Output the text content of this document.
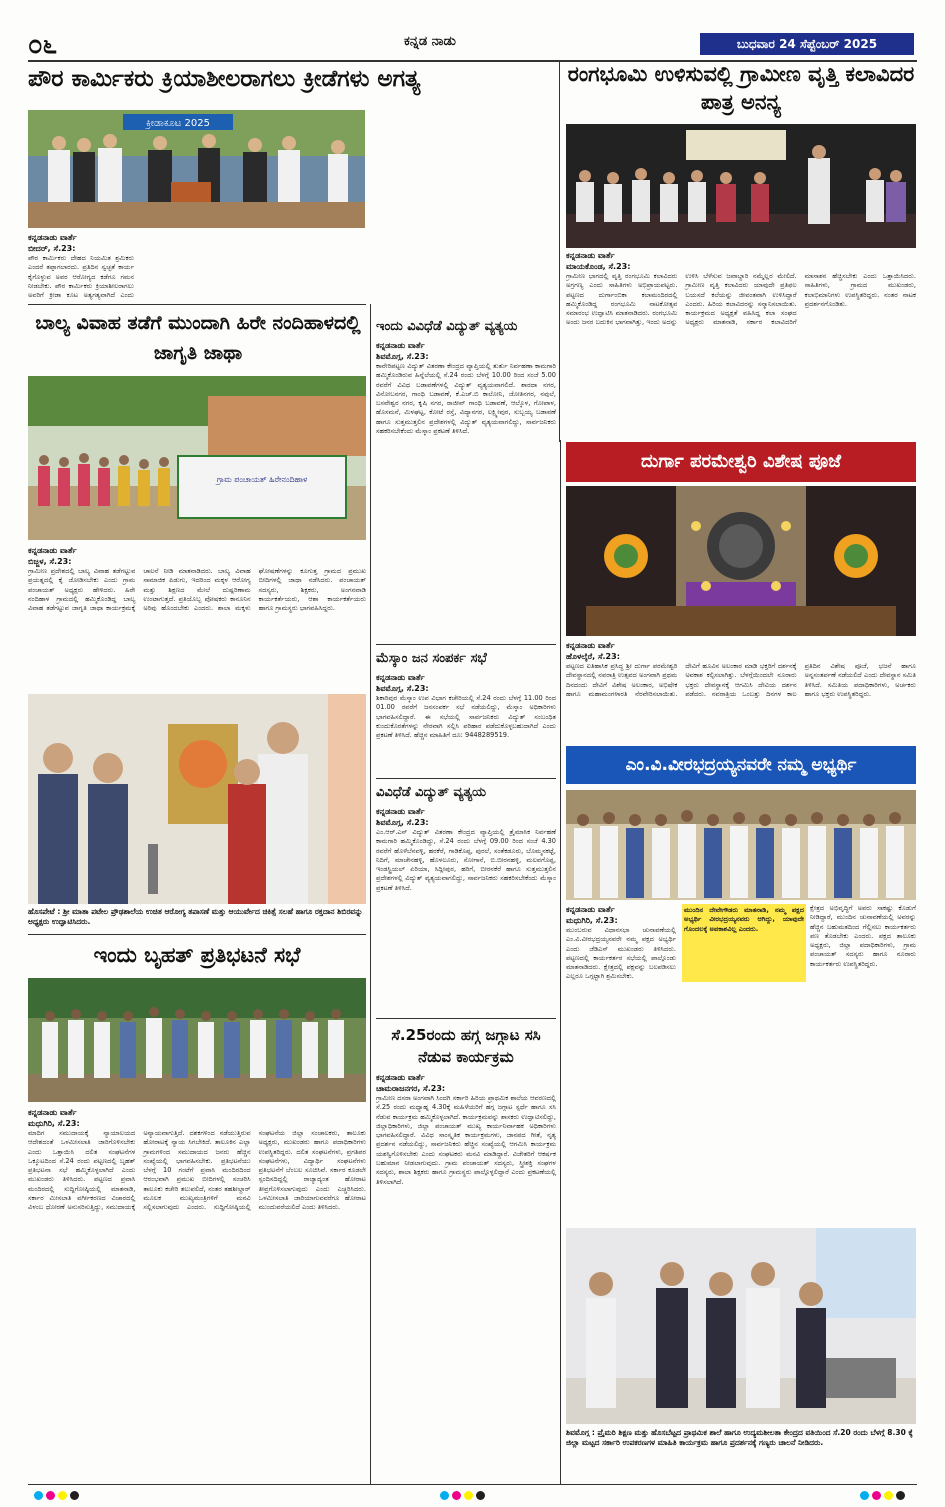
೦೬	ಕನ್ನಡ ನಾಡು	ಬುಧವಾರ 24 ಸೆಪ್ಟೆಂಬರ್ 2025
ಪೌರ ಕಾರ್ಮಿಕರು ಕ್ರಿಯಾಶೀಲರಾಗಲು ಕ್ರೀಡೆಗಳು ಅಗತ್ಯ
ಕ್ರೀಡಾಕೂಟ 2025
ಕನ್ನಡನಾಡು ವಾರ್ತೆ
ಬೀದರ್, ಸೆ.23:
ಪೌರ ಕಾರ್ಮಿಕರು ದೇಹದ ನಿಯಮಿತ ಶ್ರಮಿಕರು ಎಂದರೆ ತಪ್ಪಾಗಲಾರದು. ಪ್ರತಿದಿನ ಸ್ವಚ್ಛತೆ ಕಾರ್ಯ ಕೈಗೊಳ್ಳುವ ಅವರ ಆರೋಗ್ಯದ ಕಡೆಗೂ ಗಮನ ನೀಡಬೇಕು. ಪೌರ ಕಾರ್ಮಿಕರು ಕ್ರಿಯಾಶೀಲರಾಗಲು ಅವರಿಗೆ ಕ್ರೀಡಾ ಕೂಟ ಅತ್ಯಗತ್ಯವಾಗಿದೆ ಎಂದು
ರಂಗಭೂಮಿ ಉಳಿಸುವಲ್ಲಿ ಗ್ರಾಮೀಣ ವೃತ್ತಿ ಕಲಾವಿದರ ಪಾತ್ರ ಅನನ್ಯ
ಕನ್ನಡನಾಡು ವಾರ್ತೆ
ಮಾಯಕೊಂಡ, ಸೆ.23:
ಗ್ರಾಮೀಣ ಭಾಗದಲ್ಲಿ ವೃತ್ತಿ ರಂಗಭೂಮಿ ಕಲಾವಿದರು ಅಗ್ರಗಣ್ಯ ಎಂದು ಸಾಹಿತಿಗಳು ಅಭಿಪ್ರಾಯಪಟ್ಟರು. ಪಟ್ಟಣದ ದುರ್ಗಾಂಬಿಕಾ ಕಲಾಮಂದಿರದಲ್ಲಿ ಹಮ್ಮಿಕೊಂಡಿದ್ದ ರಂಗಭೂಮಿ ನಾಟಕೋತ್ಸವ ಸಮಾರಂಭ ಉದ್ಘಾಟಿಸಿ ಮಾತನಾಡಿದರು. ರಂಗಭೂಮಿ ಅಂದು ಜನರ ಬದುಕಿನ ಭಾಗವಾಗಿತ್ತು, ಇಂದು ಅದನ್ನು ಉಳಿಸಿ ಬೆಳೆಸುವ ಜವಾಬ್ದಾರಿ ನಮ್ಮೆಲ್ಲರ ಮೇಲಿದೆ. ಗ್ರಾಮೀಣ ವೃತ್ತಿ ಕಲಾವಿದರು ಯಾವುದೇ ಪ್ರತಿಫಲ ಬಯಸದೆ ಕಲೆಯನ್ನು ಜೀವಂತವಾಗಿ ಉಳಿಸಿದ್ದಾರೆ ಎಂದರು. ಹಿರಿಯ ಕಲಾವಿದರನ್ನು ಸನ್ಮಾನಿಸಲಾಯಿತು. ಕಾರ್ಯಕ್ರಮದ ಅಧ್ಯಕ್ಷತೆ ವಹಿಸಿದ್ದ ಕಲಾ ಸಂಘದ ಅಧ್ಯಕ್ಷರು ಮಾತನಾಡಿ, ಸರ್ಕಾರ ಕಲಾವಿದರಿಗೆ ಮಾಸಾಶನ ಹೆಚ್ಚಿಸಬೇಕು ಎಂದು ಒತ್ತಾಯಿಸಿದರು. ಸಾಹಿತಿಗಳು, ಗ್ರಾಮದ ಮುಖಂಡರು, ಕಲಾಭಿಮಾನಿಗಳು ಉಪಸ್ಥಿತರಿದ್ದರು. ನಂತರ ನಾಟಕ ಪ್ರದರ್ಶನಗೊಂಡಿತು.
ಬಾಲ್ಯ ವಿವಾಹ ತಡೆಗೆ ಮುಂದಾಗಿ ಹಿರೇ ನಂದಿಹಾಳದಲ್ಲಿ ಜಾಗೃತಿ ಜಾಥಾ
ಗ್ರಾಮ ಪಂಚಾಯತ್ ಹಿರೇನಂದಿಹಾಳ
ಕನ್ನಡನಾಡು ವಾರ್ತೆ
ಬಿಜ್ಜಳ, ಸೆ.23:
ಗ್ರಾಮೀಣ ಪ್ರದೇಶದಲ್ಲಿ ಬಾಲ್ಯ ವಿವಾಹ ತಡೆಗಟ್ಟುವ ಪ್ರಯತ್ನದಲ್ಲಿ ಕೈ ಜೋಡಿಸಬೇಕು ಎಂದು ಗ್ರಾಮ ಪಂಚಾಯತ್ ಅಧ್ಯಕ್ಷರು ಹೇಳಿದರು. ಹಿರೇ ನಂದಿಹಾಳ ಗ್ರಾಮದಲ್ಲಿ ಹಮ್ಮಿಕೊಂಡಿದ್ದ ಬಾಲ್ಯ ವಿವಾಹ ತಡೆಗಟ್ಟುವ ಜಾಗೃತಿ ಜಾಥಾ ಕಾರ್ಯಕ್ರಮಕ್ಕೆ ಚಾಲನೆ ನೀಡಿ ಮಾತನಾಡಿದರು. ಬಾಲ್ಯ ವಿವಾಹ ಸಾಮಾಜಿಕ ಪಿಡುಗು, ಇದರಿಂದ ಮಕ್ಕಳ ಆರೋಗ್ಯ ಮತ್ತು ಶಿಕ್ಷಣದ ಮೇಲೆ ದುಷ್ಪರಿಣಾಮ ಉಂಟಾಗುತ್ತದೆ. ಪ್ರತಿಯೊಬ್ಬ ಪೋಷಕರು ಕಾನೂನಿನ ಅರಿವು ಹೊಂದಬೇಕು ಎಂದರು. ಶಾಲಾ ಮಕ್ಕಳು ಘೋಷಣೆಗಳನ್ನು ಕೂಗುತ್ತ ಗ್ರಾಮದ ಪ್ರಮುಖ ಬೀದಿಗಳಲ್ಲಿ ಜಾಥಾ ನಡೆಸಿದರು. ಪಂಚಾಯತ್ ಸದಸ್ಯರು, ಶಿಕ್ಷಕರು, ಅಂಗನವಾಡಿ ಕಾರ್ಯಕರ್ತೆಯರು, ಆಶಾ ಕಾರ್ಯಕರ್ತೆಯರು ಹಾಗೂ ಗ್ರಾಮಸ್ಥರು ಭಾಗವಹಿಸಿದ್ದರು.
ಹೊಸಪೇಟೆ : ಶ್ರೀ ಮಾತಾ ಪಟೇಲ ಪ್ರೌಢಶಾಲೆಯ ಉಚಿತ ಆರೋಗ್ಯ ತಪಾಸಣೆ ಮತ್ತು ಆಯುರ್ವೇದ ಚಿಕಿತ್ಸೆ ಸಲಹೆ ಹಾಗೂ ರಕ್ತದಾನ ಶಿಬಿರವನ್ನು ಅಧ್ಯಕ್ಷರು ಉದ್ಘಾಟಿಸಿದರು.
ಇಂದು ಬೃಹತ್ ಪ್ರತಿಭಟನೆ ಸಭೆ
ಕನ್ನಡನಾಡು ವಾರ್ತೆ
ಮಧುಗಿರಿ, ಸೆ.23:
ಮಾದಿಗ ಸಮುದಾಯಕ್ಕೆ ನ್ಯಾಯಾಲಯದ ಆದೇಶದಂತೆ ಒಳಮೀಸಲಾತಿ ಜಾರಿಗೊಳಿಸಬೇಕು ಎಂದು ಒತ್ತಾಯಿಸಿ ದಲಿತ ಸಂಘಟನೆಗಳ ಒಕ್ಕೂಟದಿಂದ ಸೆ.24 ರಂದು ಪಟ್ಟಣದಲ್ಲಿ ಬೃಹತ್ ಪ್ರತಿಭಟನಾ ಸಭೆ ಹಮ್ಮಿಕೊಳ್ಳಲಾಗಿದೆ ಎಂದು ಮುಖಂಡರು ತಿಳಿಸಿದರು. ಪಟ್ಟಣದ ಪ್ರವಾಸಿ ಮಂದಿರದಲ್ಲಿ ಸುದ್ದಿಗೋಷ್ಠಿಯಲ್ಲಿ ಮಾತನಾಡಿ, ಸರ್ಕಾರ ಮೀಸಲಾತಿ ವರ್ಗೀಕರಣದ ವಿಚಾರದಲ್ಲಿ ವಿಳಂಬ ಧೋರಣೆ ಅನುಸರಿಸುತ್ತಿದ್ದು, ಸಮುದಾಯಕ್ಕೆ ಅನ್ಯಾಯವಾಗುತ್ತಿದೆ. ದಶಕಗಳಿಂದ ನಡೆಯುತ್ತಿರುವ ಹೋರಾಟಕ್ಕೆ ನ್ಯಾಯ ಸಿಗಬೇಕಿದೆ. ತಾಲೂಕಿನ ಎಲ್ಲಾ ಗ್ರಾಮಗಳಿಂದ ಸಮುದಾಯದ ಜನರು ಹೆಚ್ಚಿನ ಸಂಖ್ಯೆಯಲ್ಲಿ ಭಾಗವಹಿಸಬೇಕು. ಪ್ರತಿಭಟನೆಯು ಬೆಳಗ್ಗೆ 10 ಗಂಟೆಗೆ ಪ್ರವಾಸಿ ಮಂದಿರದಿಂದ ಆರಂಭವಾಗಿ ಪ್ರಮುಖ ಬೀದಿಗಳಲ್ಲಿ ಸಂಚರಿಸಿ ತಾಲೂಕು ಕಚೇರಿ ತಲುಪಲಿದೆ, ನಂತರ ತಹಶೀಲ್ದಾರ್ ಮೂಲಕ ಮುಖ್ಯಮಂತ್ರಿಗಳಿಗೆ ಮನವಿ ಸಲ್ಲಿಸಲಾಗುವುದು ಎಂದರು. ಸುದ್ದಿಗೋಷ್ಠಿಯಲ್ಲಿ ಸಂಘಟನೆಯ ಜಿಲ್ಲಾ ಸಂಚಾಲಕರು, ತಾಲೂಕು ಅಧ್ಯಕ್ಷರು, ಮುಖಂಡರು ಹಾಗೂ ಪದಾಧಿಕಾರಿಗಳು ಉಪಸ್ಥಿತರಿದ್ದರು. ದಲಿತ ಸಂಘಟನೆಗಳು, ಪ್ರಗತಿಪರ ಸಂಘಟನೆಗಳು, ವಿದ್ಯಾರ್ಥಿ ಸಂಘಟನೆಗಳು ಪ್ರತಿಭಟನೆಗೆ ಬೆಂಬಲ ಸೂಚಿಸಿವೆ. ಸರ್ಕಾರ ಕೂಡಲೇ ಸ್ಪಂದಿಸದಿದ್ದಲ್ಲಿ ರಾಜ್ಯಾದ್ಯಂತ ಹೋರಾಟ ತೀವ್ರಗೊಳಿಸಲಾಗುವುದು ಎಂದು ಎಚ್ಚರಿಸಿದರು. ಒಳಮೀಸಲಾತಿ ಜಾರಿಯಾಗುವವರೆಗೂ ಹೋರಾಟ ಮುಂದುವರೆಯಲಿದೆ ಎಂದು ತಿಳಿಸಿದರು.
ಇಂದು ವಿವಿಧೆಡೆ ವಿದ್ಯುತ್ ವ್ಯತ್ಯಯ
ಕನ್ನಡನಾಡು ವಾರ್ತೆ
ಶಿವಮೊಗ್ಗ, ಸೆ.23:
ಕಾವೇರಿಪಟ್ಟಣ ವಿದ್ಯುತ್ ವಿತರಣಾ ಕೇಂದ್ರದ ವ್ಯಾಪ್ತಿಯಲ್ಲಿ ತುರ್ತು ನಿರ್ವಹಣಾ ಕಾಮಗಾರಿ ಹಮ್ಮಿಕೊಂಡಿರುವ ಹಿನ್ನೆಲೆಯಲ್ಲಿ ಸೆ.24 ರಂದು ಬೆಳಗ್ಗೆ 10.00 ರಿಂದ ಸಂಜೆ 5.00 ರವರೆಗೆ ವಿವಿಧ ಬಡಾವಣೆಗಳಲ್ಲಿ ವಿದ್ಯುತ್ ವ್ಯತ್ಯಯವಾಗಲಿದೆ. ಶಾರದಾ ನಗರ, ವಿನೋಬನಗರ, ಗಾಂಧಿ ಬಡಾವಣೆ, ಕೆ.ಎಚ್.ಬಿ ಕಾಲೋನಿ, ಜೋತಿನಗರ, ನವುಲೆ, ಬಸವೇಶ್ವರ ನಗರ, ಕೃಷಿ ನಗರ, ರಾಜೀವ್ ಗಾಂಧಿ ಬಡಾವಣೆ, ಆಲ್ಕೊಳ, ಗೋಪಾಳ, ಹೊಸಮನೆ, ಮಿಳಘಟ್ಟ, ಕೋಟೆ ರಸ್ತೆ, ವಿದ್ಯಾನಗರ, ಲಕ್ಷ್ಮೀಪುರ, ಸುಬ್ಬಯ್ಯ ಬಡಾವಣೆ ಹಾಗೂ ಸುತ್ತಮುತ್ತಲಿನ ಪ್ರದೇಶಗಳಲ್ಲಿ ವಿದ್ಯುತ್ ವ್ಯತ್ಯಯವಾಗಲಿದ್ದು, ಸಾರ್ವಜನಿಕರು ಸಹಕರಿಸಬೇಕೆಂದು ಮೆಸ್ಕಾಂ ಪ್ರಕಟಣೆ ತಿಳಿಸಿದೆ.
ಮೆಸ್ಕಾಂ ಜನ ಸಂಪರ್ಕ ಸಭೆ
ಕನ್ನಡನಾಡು ವಾರ್ತೆ
ಶಿವಮೊಗ್ಗ, ಸೆ.23:
ಶಿಕಾರಿಪುರ ಮೆಸ್ಕಾಂ ಉಪ ವಿಭಾಗ ಕಚೇರಿಯಲ್ಲಿ ಸೆ.24 ರಂದು ಬೆಳಗ್ಗೆ 11.00 ರಿಂದ 01.00 ರವರೆಗೆ ಜನಸಂಪರ್ಕ ಸಭೆ ನಡೆಯಲಿದ್ದು, ಮೆಸ್ಕಾಂ ಅಧಿಕಾರಿಗಳು ಭಾಗವಹಿಸಲಿದ್ದಾರೆ. ಈ ಸಭೆಯಲ್ಲಿ ಸಾರ್ವಜನಿಕರು ವಿದ್ಯುತ್ ಸಂಬಂಧಿತ ಕುಂದುಕೊರತೆಗಳನ್ನು ನೇರವಾಗಿ ಸಲ್ಲಿಸಿ ಪರಿಹಾರ ಪಡೆದುಕೊಳ್ಳಬಹುದಾಗಿದೆ ಎಂದು ಪ್ರಕಟಣೆ ತಿಳಿಸಿದೆ. ಹೆಚ್ಚಿನ ಮಾಹಿತಿಗೆ ದೂ: 9448289519.
ವಿವಿಧೆಡೆ ವಿದ್ಯುತ್ ವ್ಯತ್ಯಯ
ಕನ್ನಡನಾಡು ವಾರ್ತೆ
ಶಿವಮೊಗ್ಗ, ಸೆ.23:
ಎಂ.ಆರ್.ಎಸ್ ವಿದ್ಯುತ್ ವಿತರಣಾ ಕೇಂದ್ರದ ವ್ಯಾಪ್ತಿಯಲ್ಲಿ ತ್ರೈಮಾಸಿಕ ನಿರ್ವಹಣೆ ಕಾಮಗಾರಿ ಹಮ್ಮಿಕೊಂಡಿದ್ದು, ಸೆ.24 ರಂದು ಬೆಳಗ್ಗೆ 09.00 ರಿಂದ ಸಂಜೆ 4.30 ರವರೆಗೆ ಹೊಳೆಬೆನವಳ್ಳಿ, ಹರಕೆರೆ, ಗಾಡಿಕೊಪ್ಪ, ಪುರಲೆ, ಸಂತೆಕಡೂರು, ಬೊಮ್ಮನಕಟ್ಟೆ, ನಿದಿಗೆ, ಮಾಚೇನಹಳ್ಳಿ, ಹೊಳಲೂರು, ಸೋಗಾನೆ, ಬಿ.ಬೀರನಹಳ್ಳಿ, ಮಲವಗೊಪ್ಪ, ಇಂಡಸ್ಟ್ರಿಯಲ್ ಏರಿಯಾ, ಸಿದ್ಲೀಪುರ, ಹರಿಗೆ, ಬೀರನಕೆರೆ ಹಾಗೂ ಸುತ್ತಮುತ್ತಲಿನ ಪ್ರದೇಶಗಳಲ್ಲಿ ವಿದ್ಯುತ್ ವ್ಯತ್ಯಯವಾಗಲಿದ್ದು, ಸಾರ್ವಜನಿಕರು ಸಹಕರಿಸಬೇಕೆಂದು ಮೆಸ್ಕಾಂ ಪ್ರಕಟಣೆ ತಿಳಿಸಿದೆ.
ಸೆ.25ರಂದು ಹಗ್ಗ ಜಗ್ಗಾಟ ಸಸಿ ನೆಡುವ ಕಾರ್ಯಕ್ರಮ
ಕನ್ನಡನಾಡು ವಾರ್ತೆ
ಚಾಮರಾಜನಗರ, ಸೆ.23:
ಗ್ರಾಮೀಣ ದಸರಾ ಅಂಗವಾಗಿ ಸಿಂದಗಿ ಸರ್ಕಾರಿ ಹಿರಿಯ ಪ್ರಾಥಮಿಕ ಶಾಲೆಯ ಆವರಣದಲ್ಲಿ ಸೆ.25 ರಂದು ಮಧ್ಯಾಹ್ನ 4.30ಕ್ಕೆ ಮಹಿಳೆಯರಿಗೆ ಹಗ್ಗ ಜಗ್ಗಾಟ ಸ್ಪರ್ಧೆ ಹಾಗೂ ಸಸಿ ನೆಡುವ ಕಾರ್ಯಕ್ರಮ ಹಮ್ಮಿಕೊಳ್ಳಲಾಗಿದೆ. ಕಾರ್ಯಕ್ರಮವನ್ನು ಶಾಸಕರು ಉದ್ಘಾಟಿಸಲಿದ್ದು, ಜಿಲ್ಲಾಧಿಕಾರಿಗಳು, ಜಿಲ್ಲಾ ಪಂಚಾಯತ್ ಮುಖ್ಯ ಕಾರ್ಯನಿರ್ವಾಹಕ ಅಧಿಕಾರಿಗಳು ಭಾಗವಹಿಸಲಿದ್ದಾರೆ. ವಿವಿಧ ಸಾಂಸ್ಕೃತಿಕ ಕಾರ್ಯಕ್ರಮಗಳು, ಜಾನಪದ ಗೀತೆ, ನೃತ್ಯ ಪ್ರದರ್ಶನ ನಡೆಯಲಿದ್ದು, ಸಾರ್ವಜನಿಕರು ಹೆಚ್ಚಿನ ಸಂಖ್ಯೆಯಲ್ಲಿ ಆಗಮಿಸಿ ಕಾರ್ಯಕ್ರಮ ಯಶಸ್ವಿಗೊಳಿಸಬೇಕು ಎಂದು ಸಂಘಟಕರು ಮನವಿ ಮಾಡಿದ್ದಾರೆ. ವಿಜೇತರಿಗೆ ಆಕರ್ಷಕ ಬಹುಮಾನ ನೀಡಲಾಗುವುದು. ಗ್ರಾಮ ಪಂಚಾಯತ್ ಸದಸ್ಯರು, ಸ್ತ್ರೀಶಕ್ತಿ ಸಂಘಗಳ ಸದಸ್ಯರು, ಶಾಲಾ ಶಿಕ್ಷಕರು ಹಾಗೂ ಗ್ರಾಮಸ್ಥರು ಪಾಲ್ಗೊಳ್ಳಲಿದ್ದಾರೆ ಎಂದು ಪ್ರಕಟಣೆಯಲ್ಲಿ ತಿಳಿಸಲಾಗಿದೆ.
ದುರ್ಗಾ ಪರಮೇಶ್ವರಿ ವಿಶೇಷ ಪೂಜೆ
ಕನ್ನಡನಾಡು ವಾರ್ತೆ
ಹೊಳಲ್ಕೆರೆ, ಸೆ.23:
ಪಟ್ಟಣದ ಐತಿಹಾಸಿಕ ಪ್ರಸಿದ್ಧ ಶ್ರೀ ದುರ್ಗಾ ಪರಮೇಶ್ವರಿ ದೇವಸ್ಥಾನದಲ್ಲಿ ನವರಾತ್ರಿ ಉತ್ಸವದ ಅಂಗವಾಗಿ ಪ್ರಥಮ ದಿನದಂದು ದೇವಿಗೆ ವಿಶೇಷ ಅಲಂಕಾರ, ಅಭಿಷೇಕ ಹಾಗೂ ಮಹಾಮಂಗಳಾರತಿ ನೆರವೇರಿಸಲಾಯಿತು. ದೇವಿಗೆ ಹೂವಿನ ಅಲಂಕಾರ ಮಾಡಿ ಭಕ್ತರಿಗೆ ದರ್ಶನಕ್ಕೆ ಅವಕಾಶ ಕಲ್ಪಿಸಲಾಗಿತ್ತು. ಬೆಳಗ್ಗೆಯಿಂದಲೇ ನೂರಾರು ಭಕ್ತರು ದೇವಸ್ಥಾನಕ್ಕೆ ಆಗಮಿಸಿ ದೇವಿಯ ದರ್ಶನ ಪಡೆದರು. ನವರಾತ್ರಿಯ ಒಂಬತ್ತು ದಿನಗಳ ಕಾಲ ಪ್ರತಿದಿನ ವಿಶೇಷ ಪೂಜೆ, ಭಜನೆ ಹಾಗೂ ಅನ್ನಸಂತರ್ಪಣೆ ನಡೆಯಲಿದೆ ಎಂದು ದೇವಸ್ಥಾನ ಸಮಿತಿ ತಿಳಿಸಿದೆ. ಸಮಿತಿಯ ಪದಾಧಿಕಾರಿಗಳು, ಅರ್ಚಕರು ಹಾಗೂ ಭಕ್ತರು ಉಪಸ್ಥಿತರಿದ್ದರು.
ಎಂ.ವಿ.ವೀರಭದ್ರಯ್ಯನವರೇ ನಮ್ಮ ಅಭ್ಯರ್ಥಿ
ಕನ್ನಡನಾಡು ವಾರ್ತೆ
ಮಧುಗಿರಿ, ಸೆ.23:
ಮುಂಬರುವ ವಿಧಾನಸಭಾ ಚುನಾವಣೆಯಲ್ಲಿ ಎಂ.ವಿ.ವೀರಭದ್ರಯ್ಯನವರೇ ನಮ್ಮ ಪಕ್ಷದ ಅಭ್ಯರ್ಥಿ ಎಂದು ಜೆಡಿಎಸ್ ಮುಖಂಡರು ತಿಳಿಸಿದರು. ಪಟ್ಟಣದಲ್ಲಿ ಕಾರ್ಯಕರ್ತರ ಸಭೆಯಲ್ಲಿ ಪಾಲ್ಗೊಂಡು ಮಾತನಾಡಿದರು. ಕ್ಷೇತ್ರದಲ್ಲಿ ಪಕ್ಷವನ್ನು ಬಲಪಡಿಸಲು ಎಲ್ಲರೂ ಒಗ್ಗಟ್ಟಾಗಿ ಶ್ರಮಿಸಬೇಕು.
ಮುಂದಿನ ದೇವೇಗೌಡರು ಮಾತನಾಡಿ, ನಮ್ಮ ಪಕ್ಷದ ಅಭ್ಯರ್ಥಿ ವೀರಭದ್ರಯ್ಯನವರು ಆಗಿದ್ದು, ಯಾವುದೇ ಗೊಂದಲಕ್ಕೆ ಅವಕಾಶವಿಲ್ಲ ಎಂದರು.
ಕ್ಷೇತ್ರದ ಅಭಿವೃದ್ಧಿಗೆ ಅವರು ಸಾಕಷ್ಟು ಕೊಡುಗೆ ನೀಡಿದ್ದಾರೆ, ಮುಂದಿನ ಚುನಾವಣೆಯಲ್ಲಿ ಅವರನ್ನು ಹೆಚ್ಚಿನ ಬಹುಮತದಿಂದ ಗೆಲ್ಲಿಸಲು ಕಾರ್ಯಕರ್ತರು ಪಣ ತೊಡಬೇಕು ಎಂದರು. ಪಕ್ಷದ ತಾಲೂಕು ಅಧ್ಯಕ್ಷರು, ಜಿಲ್ಲಾ ಪದಾಧಿಕಾರಿಗಳು, ಗ್ರಾಮ ಪಂಚಾಯತ್ ಸದಸ್ಯರು ಹಾಗೂ ನೂರಾರು ಕಾರ್ಯಕರ್ತರು ಉಪಸ್ಥಿತರಿದ್ದರು.
ಶಿವಮೊಗ್ಗ : ಪ್ರೈಮರಿ ಶಿಕ್ಷಣ ಮತ್ತು ಹೊಸಬೆಟ್ಟದ ಪ್ರಾಥಮಿಕ ಶಾಲೆ ಹಾಗೂ ಉದ್ಯಮಶೀಲತಾ ಕೇಂದ್ರದ ವತಿಯಿಂದ ಸೆ.20 ರಂದು ಬೆಳಗ್ಗೆ 8.30 ಕ್ಕೆ ಜಿಲ್ಲಾ ಮಟ್ಟದ ಸರ್ಕಾರಿ ಉಪಕರಣಗಳ ಮಾಹಿತಿ ಕಾರ್ಯಕ್ರಮ ಹಾಗೂ ಪ್ರದರ್ಶನಕ್ಕೆ ಗಣ್ಯರು ಚಾಲನೆ ನೀಡಿದರು.
